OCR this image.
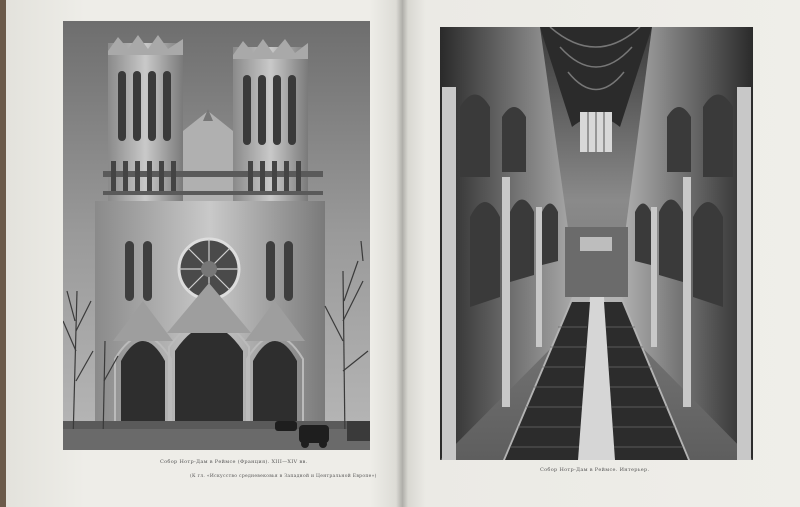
Собор Нотр-Дам в Реймсе (Франция). XIII—XIV вв.
(К гл. «Искусство средневековья в Западной и Центральной Европе»)
Собор Нотр-Дам в Реймсе. Интерьер.
